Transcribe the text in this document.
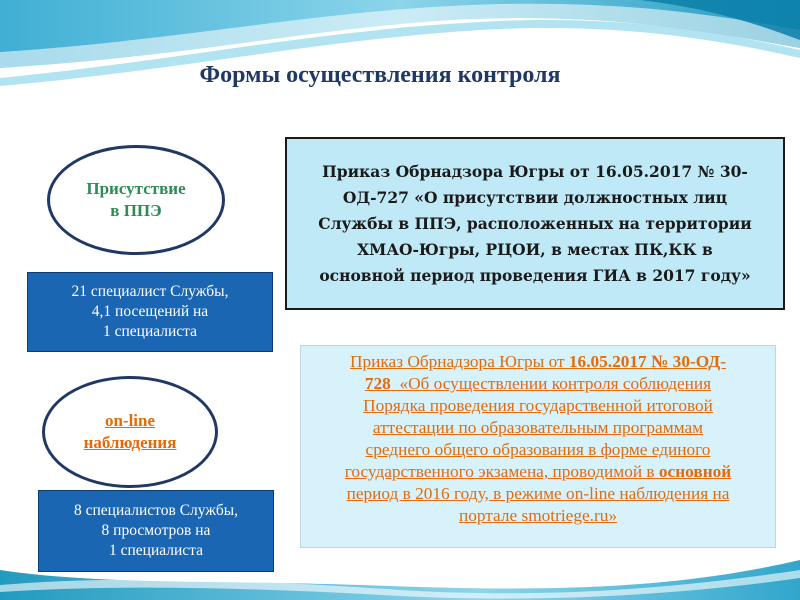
Формы осуществления контроля
Присутствие
в ППЭ
21 специалист Службы,
4,1 посещений на
1 специалиста
on-line
наблюдения
8 специалистов Службы,
8 просмотров на
1 специалиста
Приказ Обрнадзора Югры от 16.05.2017 № 30-
ОД-727 «О присутствии должностных лиц
Службы в ППЭ, расположенных на территории
ХМАО-Югры, РЦОИ, в местах ПК,КК в
основной период проведения ГИА в 2017 году»
Приказ Обрнадзора Югры от 16.05.2017 № 30-ОД-
728 «Об осуществлении контроля соблюдения
Порядка проведения государственной итоговой
аттестации по образовательным программам
среднего общего образования в форме единого
государственного экзамена, проводимой в основной
период в 2016 году, в режиме on-line наблюдения на
портале smotriege.ru»
